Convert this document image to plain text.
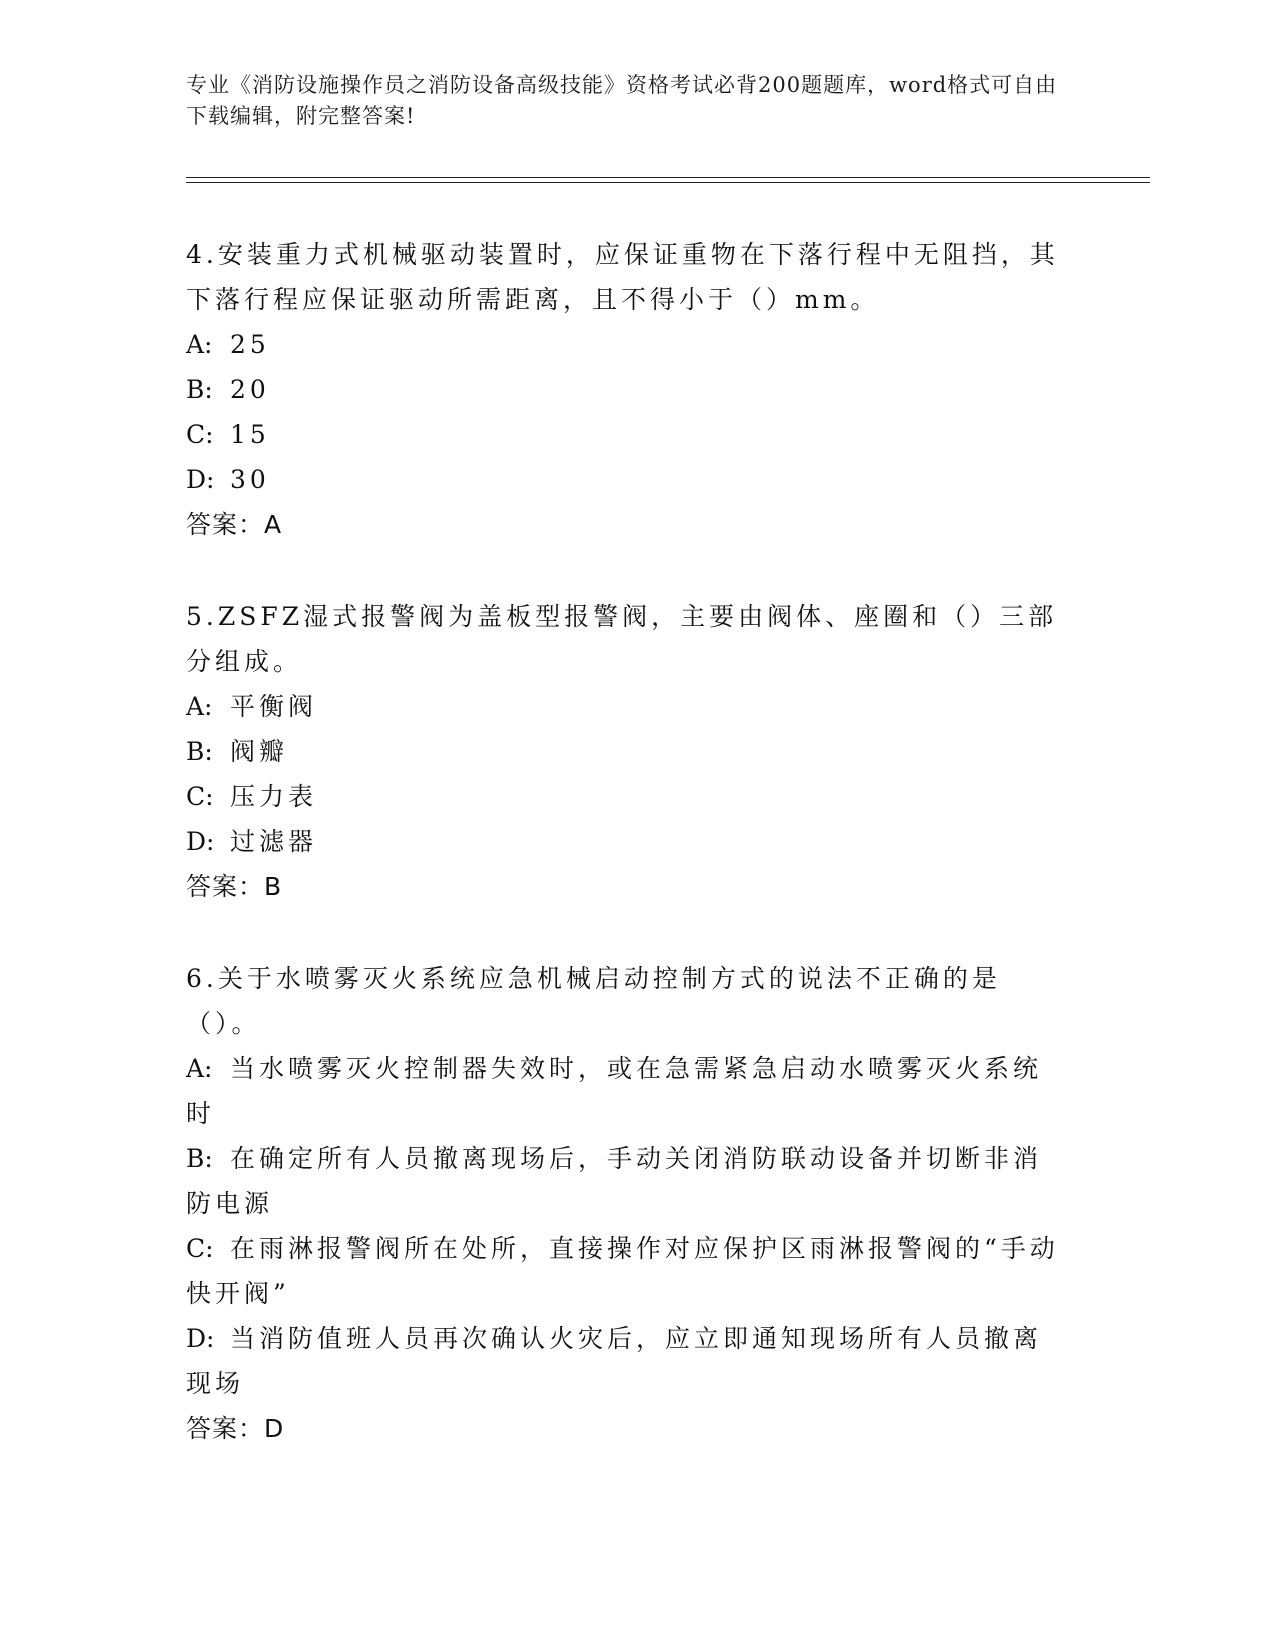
专业《消防设施操作员之消防设备高级技能》资格考试必背200题题库，word格式可自由下载编辑，附完整答案!

4.安装重力式机械驱动装置时，应保证重物在下落行程中无阻挡，其下落行程应保证驱动所需距离，且不得小于（）mm。

A: 25

B: 20

C: 15

D: 30

答案：A

5.ZSFZ湿式报警阀为盖板型报警阀，主要由阀体、座圈和（）三部分组成。

A: 平衡阀

B: 阀瓣

C: 压力表

D: 过滤器

答案：B

6.关于水喷雾灭火系统应急机械启动控制方式的说法不正确的是（）。

A: 当水喷雾灭火控制器失效时，或在急需紧急启动水喷雾灭火系统时

B: 在确定所有人员撤离现场后，手动关闭消防联动设备并切断非消防电源

C: 在雨淋报警阀所在处所，直接操作对应保护区雨淋报警阀的“手动快开阀”

D: 当消防值班人员再次确认火灾后，应立即通知现场所有人员撤离现场

答案：D
